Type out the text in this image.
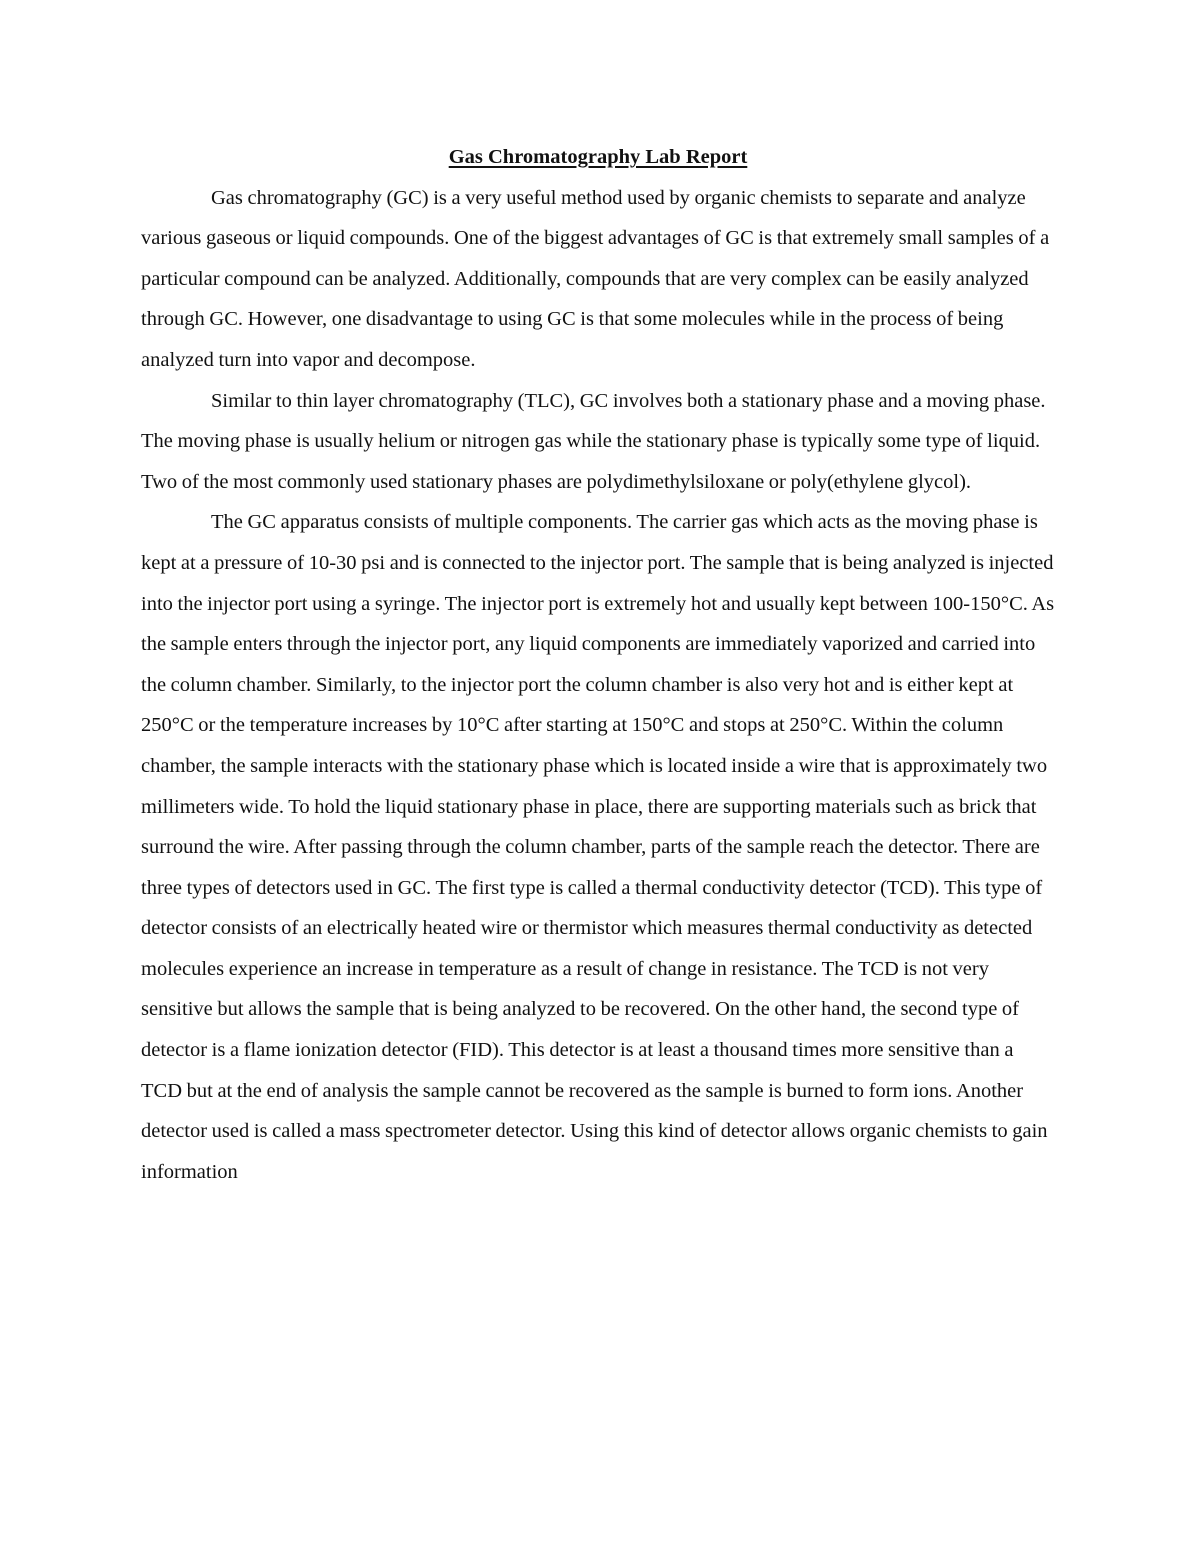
Gas Chromatography Lab Report

Gas chromatography (GC) is a very useful method used by organic chemists to separate and analyze various gaseous or liquid compounds. One of the biggest advantages of GC is that extremely small samples of a particular compound can be analyzed. Additionally, compounds that are very complex can be easily analyzed through GC. However, one disadvantage to using GC is that some molecules while in the process of being analyzed turn into vapor and decompose.

Similar to thin layer chromatography (TLC), GC involves both a stationary phase and a moving phase. The moving phase is usually helium or nitrogen gas while the stationary phase is typically some type of liquid. Two of the most commonly used stationary phases are polydimethylsiloxane or poly(ethylene glycol).

The GC apparatus consists of multiple components. The carrier gas which acts as the moving phase is kept at a pressure of 10-30 psi and is connected to the injector port. The sample that is being analyzed is injected into the injector port using a syringe. The injector port is extremely hot and usually kept between 100-150°C. As the sample enters through the injector port, any liquid components are immediately vaporized and carried into the column chamber. Similarly, to the injector port the column chamber is also very hot and is either kept at 250°C or the temperature increases by 10°C after starting at 150°C and stops at 250°C. Within the column chamber, the sample interacts with the stationary phase which is located inside a wire that is approximately two millimeters wide. To hold the liquid stationary phase in place, there are supporting materials such as brick that surround the wire. After passing through the column chamber, parts of the sample reach the detector. There are three types of detectors used in GC. The first type is called a thermal conductivity detector (TCD). This type of detector consists of an electrically heated wire or thermistor which measures thermal conductivity as detected molecules experience an increase in temperature as a result of change in resistance. The TCD is not very sensitive but allows the sample that is being analyzed to be recovered. On the other hand, the second type of detector is a flame ionization detector (FID). This detector is at least a thousand times more sensitive than a TCD but at the end of analysis the sample cannot be recovered as the sample is burned to form ions. Another detector used is called a mass spectrometer detector. Using this kind of detector allows organic chemists to gain information
